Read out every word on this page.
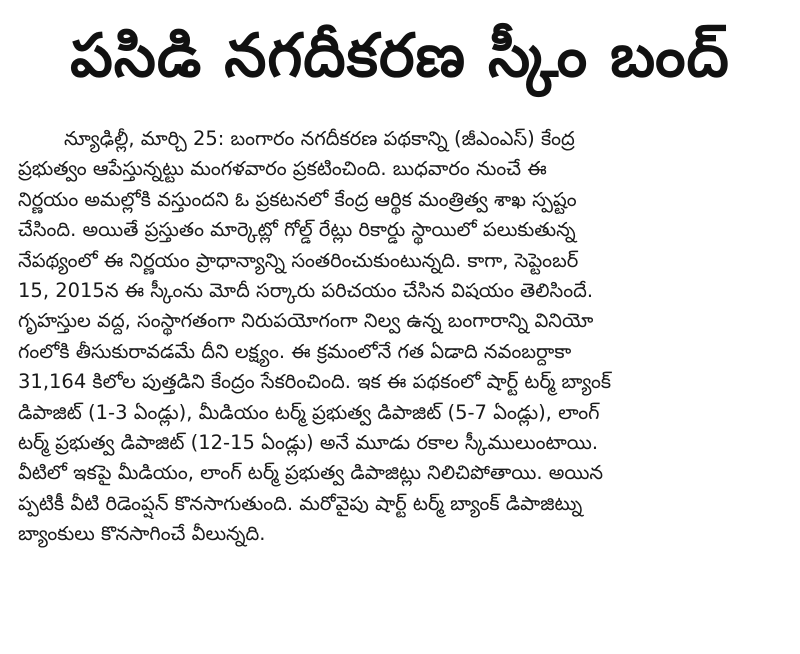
పసిడి నగదీకరణ స్కీం బంద్
న్యూఢిల్లీ, మార్చి 25: బంగారం నగదీకరణ పథకాన్ని (జీఎంఎస్) కేంద్ర
ప్రభుత్వం ఆపేస్తున్నట్టు మంగళవారం ప్రకటించింది. బుధవారం నుంచే ఈ
నిర్ణయం అమల్లోకి వస్తుందని ఓ ప్రకటనలో కేంద్ర ఆర్థిక మంత్రిత్వ శాఖ స్పష్టం
చేసింది. అయితే ప్రస్తుతం మార్కెట్లో గోల్డ్ రేట్లు రికార్డు స్థాయిలో పలుకుతున్న
నేపథ్యంలో ఈ నిర్ణయం ప్రాధాన్యాన్ని సంతరించుకుంటున్నది. కాగా, సెప్టెంబర్
15, 2015న ఈ స్కీంను మోదీ సర్కారు పరిచయం చేసిన విషయం తెలిసిందే.
గృహస్తుల వద్ద, సంస్థాగతంగా నిరుపయోగంగా నిల్వ ఉన్న బంగారాన్ని వినియో
గంలోకి తీసుకురావడమే దీని లక్ష్యం. ఈ క్రమంలోనే గత ఏడాది నవంబర్దాకా
31,164 కిలోల పుత్తడిని కేంద్రం సేకరించింది. ఇక ఈ పథకంలో షార్ట్ టర్మ్ బ్యాంక్
డిపాజిట్ (1-3 ఏండ్లు), మీడియం టర్మ్ ప్రభుత్వ డిపాజిట్ (5-7 ఏండ్లు), లాంగ్
టర్మ్ ప్రభుత్వ డిపాజిట్ (12-15 ఏండ్లు) అనే మూడు రకాల స్కీములుంటాయి.
వీటిలో ఇకపై మీడియం, లాంగ్ టర్మ్ ప్రభుత్వ డిపాజిట్లు నిలిచిపోతాయి. అయిన
ప్పటికీ వీటి రిడెంప్షన్ కొనసాగుతుంది. మరోవైపు షార్ట్ టర్మ్ బ్యాంక్ డిపాజిట్ను
బ్యాంకులు కొనసాగించే వీలున్నది.
